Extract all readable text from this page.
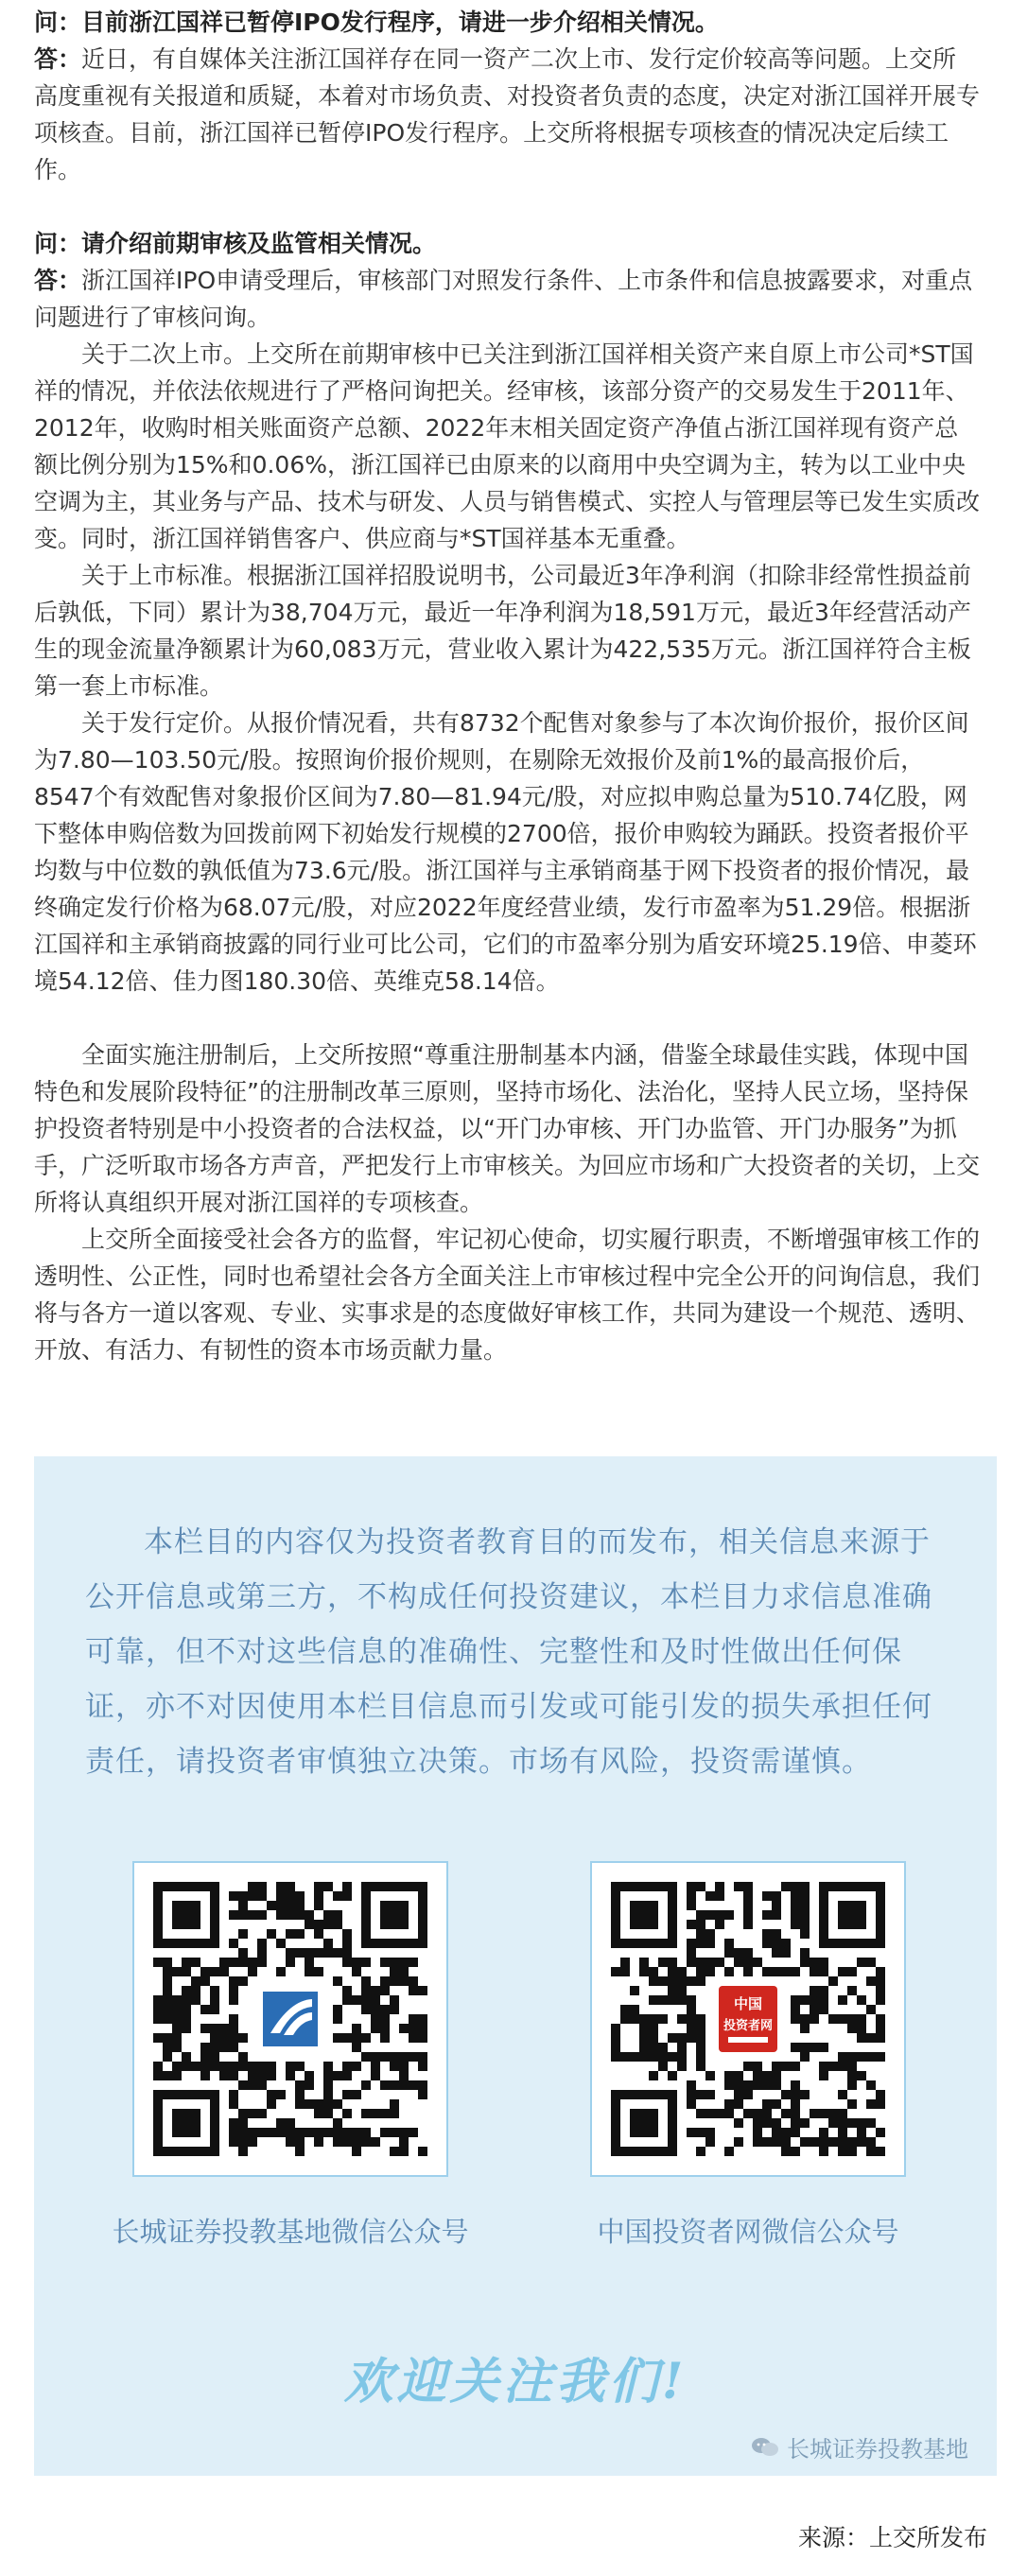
问：目前浙江国祥已暂停IPO发行程序，请进一步介绍相关情况。

答：近日，有自媒体关注浙江国祥存在同一资产二次上市、发行定价较高等问题。上交所高度重视有关报道和质疑，本着对市场负责、对投资者负责的态度，决定对浙江国祥开展专项核查。目前，浙江国祥已暂停IPO发行程序。上交所将根据专项核查的情况决定后续工作。

问：请介绍前期审核及监管相关情况。

答：浙江国祥IPO申请受理后，审核部门对照发行条件、上市条件和信息披露要求，对重点问题进行了审核问询。

关于二次上市。上交所在前期审核中已关注到浙江国祥相关资产来自原上市公司*ST国祥的情况，并依法依规进行了严格问询把关。经审核，该部分资产的交易发生于2011年、2012年，收购时相关账面资产总额、2022年末相关固定资产净值占浙江国祥现有资产总额比例分别为15%和0.06%，浙江国祥已由原来的以商用中央空调为主，转为以工业中央空调为主，其业务与产品、技术与研发、人员与销售模式、实控人与管理层等已发生实质改变。同时，浙江国祥销售客户、供应商与*ST国祥基本无重叠。

关于上市标准。根据浙江国祥招股说明书，公司最近3年净利润（扣除非经常性损益前后孰低，下同）累计为38,704万元，最近一年净利润为18,591万元，最近3年经营活动产生的现金流量净额累计为60,083万元，营业收入累计为422,535万元。浙江国祥符合主板第一套上市标准。

关于发行定价。从报价情况看，共有8732个配售对象参与了本次询价报价，报价区间为7.80—103.50元/股。按照询价报价规则，在剔除无效报价及前1%的最高报价后，8547个有效配售对象报价区间为7.80—81.94元/股，对应拟申购总量为510.74亿股，网下整体申购倍数为回拨前网下初始发行规模的2700倍，报价申购较为踊跃。投资者报价平均数与中位数的孰低值为73.6元/股。浙江国祥与主承销商基于网下投资者的报价情况，最终确定发行价格为68.07元/股，对应2022年度经营业绩，发行市盈率为51.29倍。根据浙江国祥和主承销商披露的同行业可比公司，它们的市盈率分别为盾安环境25.19倍、申菱环境54.12倍、佳力图180.30倍、英维克58.14倍。

全面实施注册制后，上交所按照“尊重注册制基本内涵，借鉴全球最佳实践，体现中国特色和发展阶段特征”的注册制改革三原则，坚持市场化、法治化，坚持人民立场，坚持保护投资者特别是中小投资者的合法权益，以“开门办审核、开门办监管、开门办服务”为抓手，广泛听取市场各方声音，严把发行上市审核关。为回应市场和广大投资者的关切，上交所将认真组织开展对浙江国祥的专项核查。

上交所全面接受社会各方的监督，牢记初心使命，切实履行职责，不断增强审核工作的透明性、公正性，同时也希望社会各方全面关注上市审核过程中完全公开的问询信息，我们将与各方一道以客观、专业、实事求是的态度做好审核工作，共同为建设一个规范、透明、开放、有活力、有韧性的资本市场贡献力量。

本栏目的内容仅为投资者教育目的而发布，相关信息来源于公开信息或第三方，不构成任何投资建议，本栏目力求信息准确可靠，但不对这些信息的准确性、完整性和及时性做出任何保证，亦不对因使用本栏目信息而引发或可能引发的损失承担任何责任，请投资者审慎独立决策。市场有风险，投资需谨慎。
中国
投资者网
长城证券投教基地微信公众号	中国投资者网微信公众号
欢迎关注我们!
长城证券投教基地
来源：上交所发布
